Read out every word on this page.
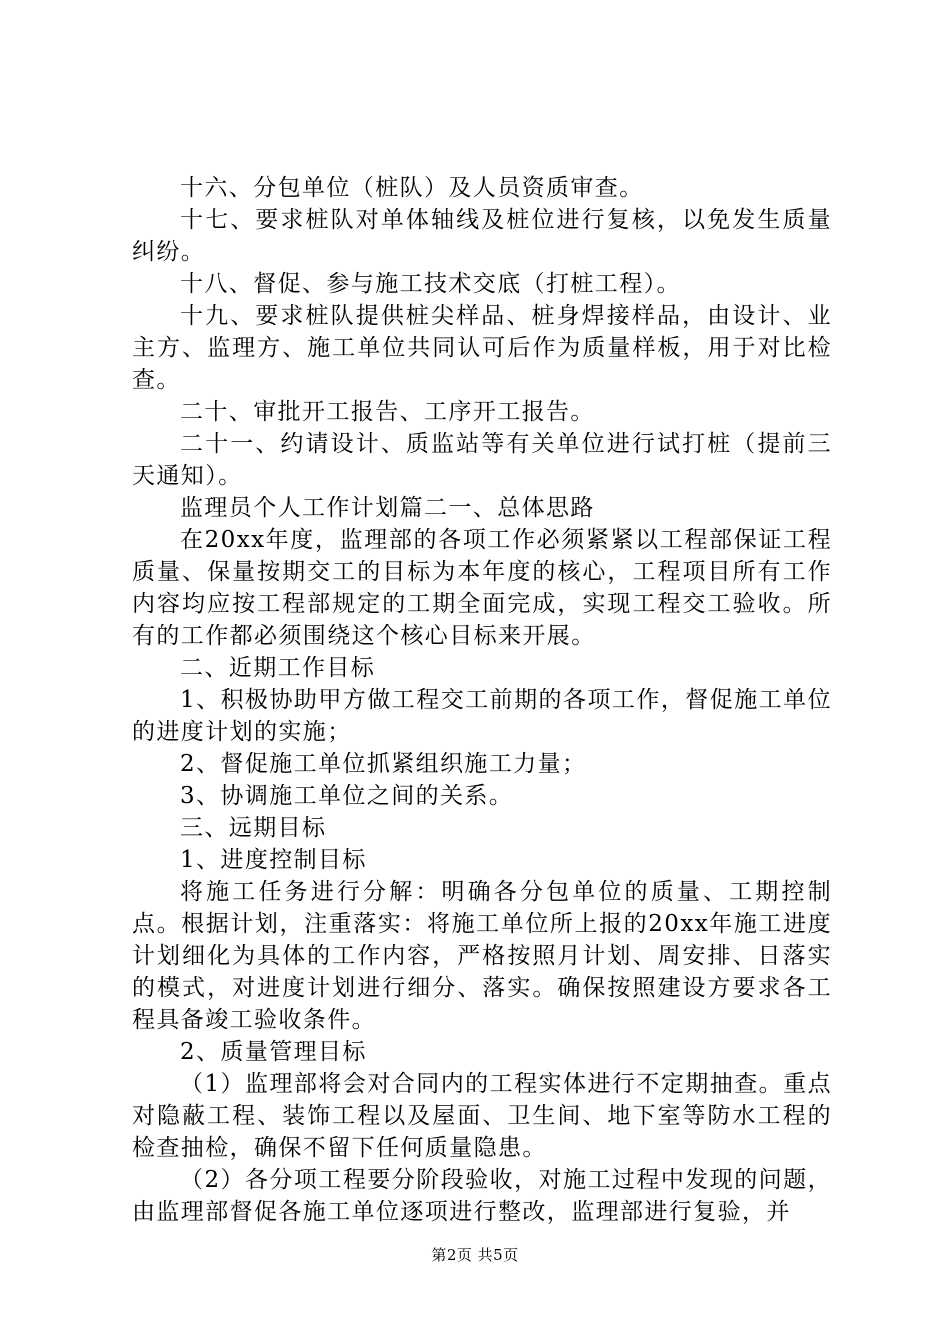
十六、分包单位（桩队）及人员资质审查。

十七、要求桩队对单体轴线及桩位进行复核，以免发生质量纠纷。

十八、督促、参与施工技术交底（打桩工程）。

十九、要求桩队提供桩尖样品、桩身焊接样品，由设计、业主方、监理方、施工单位共同认可后作为质量样板，用于对比检查。

二十、审批开工报告、工序开工报告。

二十一、约请设计、质监站等有关单位进行试打桩（提前三天通知）。

监理员个人工作计划篇二一、总体思路

在20xx年度，监理部的各项工作必须紧紧以工程部保证工程质量、保量按期交工的目标为本年度的核心，工程项目所有工作内容均应按工程部规定的工期全面完成，实现工程交工验收。所有的工作都必须围绕这个核心目标来开展。

二、近期工作目标

1、积极协助甲方做工程交工前期的各项工作，督促施工单位的进度计划的实施；

2、督促施工单位抓紧组织施工力量；

3、协调施工单位之间的关系。

三、远期目标

1、进度控制目标

将施工任务进行分解：明确各分包单位的质量、工期控制点。根据计划，注重落实：将施工单位所上报的20xx年施工进度计划细化为具体的工作内容，严格按照月计划、周安排、日落实的模式，对进度计划进行细分、落实。确保按照建设方要求各工程具备竣工验收条件。

2、质量管理目标

（1）监理部将会对合同内的工程实体进行不定期抽查。重点对隐蔽工程、装饰工程以及屋面、卫生间、地下室等防水工程的检查抽检，确保不留下任何质量隐患。

（2）各分项工程要分阶段验收，对施工过程中发现的问题，由监理部督促各施工单位逐项进行整改，监理部进行复验，并

第2页 共5页
